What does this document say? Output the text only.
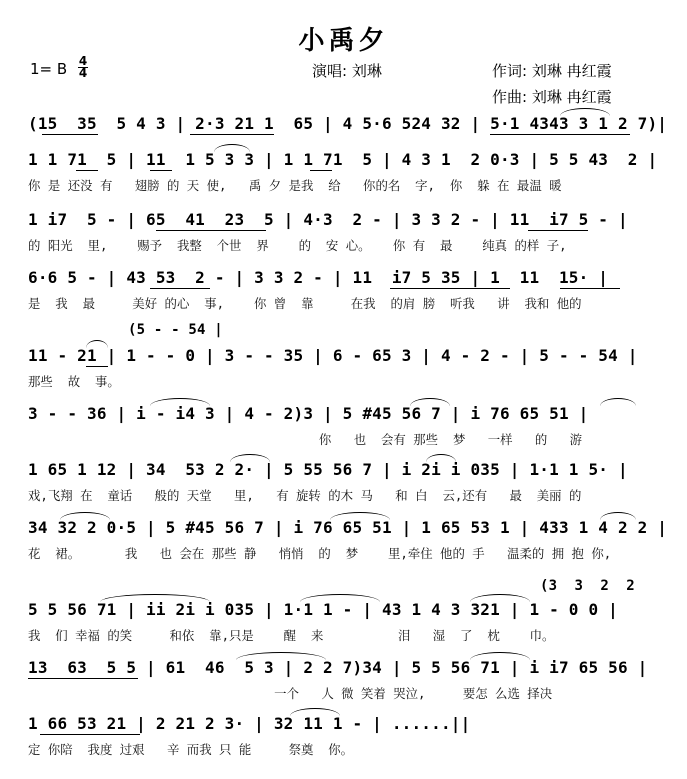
小禹夕
1= B 4
4	演唱: 刘琳	作词: 刘琳 冉红霞
作曲: 刘琳 冉红霞
(15  35  5 4 3 | 2·3 21 1  65 | 4 5·6 524 32 | 5·1 4343 3 1 2 7)|
1 1 71  5 | 11  1 5 3 3 | 1 1 71  5 | 4 3 1  2 0·3 | 5 5 43  2 |
你 是 还没 有   翅膀 的 天 使,   禹 夕 是我  给   你的名  字,  你  躲 在 最温 暖
1 i7  5 - | 65  41  23  5 | 4·3  2 - | 3 3 2 - | 11  i7 5 - |
的 阳光  里,    赐予  我整  个世  界    的  安 心。   你 有  最    纯真 的样 子,
6·6 5 - | 43 53  2 - | 3 3 2 - | 11  i7 5 35 | 1  11  15· |
是  我  最     美好 的心  事,    你 曾  靠     在我  的肩 膀  听我   讲  我和 他的
(5 - - 54 |
11 - 21 | 1 - - 0 | 3 - - 35 | 6 - 65 3 | 4 - 2 - | 5 - - 54 |
那些  故  事。
3 - - 36 | i - i4 3 | 4 - 2)3 | 5 #45 56 7 | i 76 65 51 |
你   也  会有 那些  梦   一样   的   游
1 65 1 12 | 34  53 2 2· | 5 55 56 7 | i 2i i 035 | 1·1 1 5· |
戏,飞翔 在  童话   般的 天堂   里,   有 旋转 的木 马   和 白  云,还有   最  美丽 的
34 32 2 0·5 | 5 #45 56 7 | i 76 65 51 | 1 65 53 1 | 433 1 4 2 2 |
花  裙。      我   也 会在 那些 静   悄悄  的  梦    里,牵住 他的 手   温柔的 拥 抱 你,
(3  3  2  2
5 5 56 71 | ii 2i i 035 | 1·1 1 - | 43 1 4 3 321 | 1 - 0 0 |
我  们 幸福 的笑     和依  靠,只是    醒  来          泪   湿  了  枕    巾。
13  63  5 5 | 61  46  5 3 | 2 2 7)34 | 5 5 56 71 | i i7 65 56 |
一个   人 微 笑着 哭泣,     要怎 么选 择决
1 66 53 21 | 2 21 2 3· | 32 11 1 - | ......||
定 你陪  我度 过艰   辛 而我 只 能     祭奠  你。
